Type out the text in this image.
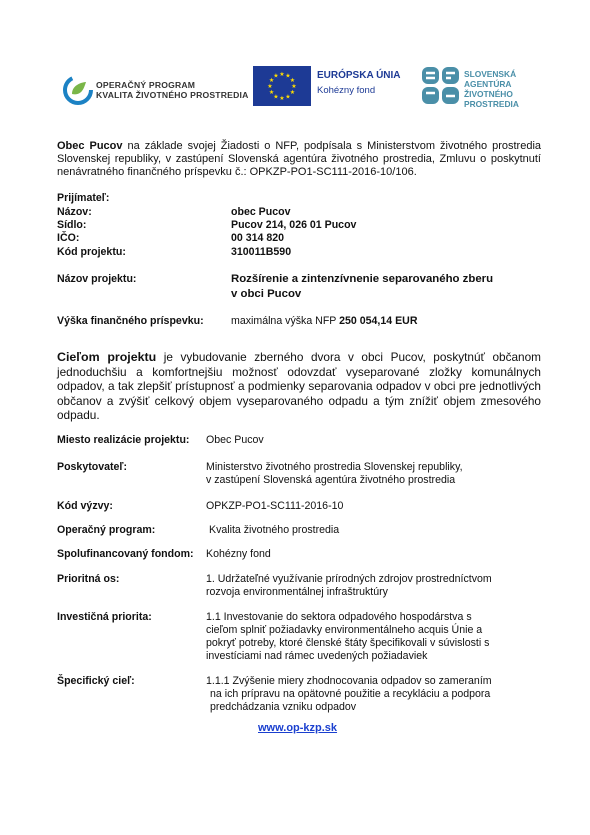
OPERAČNÝ PROGRAM
KVALITA ŽIVOTNÉHO PROSTREDIA
★ ★
★
★
★
★
★
★
★
★
★
★	EURÓPSKA ÚNIA
Kohézny fond
SLOVENSKÁ
AGENTÚRA
ŽIVOTNÉHO
PROSTREDIA
Obec Pucov na základe svojej Žiadosti o NFP, podpísala s Ministerstvom životného prostredia Slovenskej republiky, v zastúpení Slovenská agentúra životného prostredia, Zmluvu o poskytnutí nenávratného finančného príspevku č.: OPKZP-PO1-SC111-2016-10/106.
Prijímateľ:
Názov:	obec Pucov
Sídlo:	Pucov 214, 026 01 Pucov
IČO:	00 314 820
Kód projektu:	310011B590
Názov projektu:	Rozšírenie a zintenzívnenie separovaného zberu
v obci Pucov
Výška finančného príspevku:	maximálna výška NFP 250 054,14 EUR
Cieľom projektu je vybudovanie zberného dvora v obci Pucov, poskytnúť občanom jednoduchšiu a komfortnejšiu možnosť odovzdať vyseparované zložky komunálnych odpadov, a tak zlepšiť prístupnosť a podmienky separovania odpadov v obci pre jednotlivých občanov a zvýšiť celkový objem vyseparovaného odpadu a tým znížiť objem zmesového odpadu.
Miesto realizácie projektu: Obec Pucov
Poskytovateľ:	Ministerstvo životného prostredia Slovenskej republiky,
v zastúpení Slovenská agentúra životného prostredia
Kód výzvy:	OPKZP-PO1-SC111-2016-10
Operačný program:	Kvalita životného prostredia
Spolufinancovaný fondom: Kohézny fond
Prioritná os:	1. Udržateľné využívanie prírodných zdrojov prostredníctvom
rozvoja environmentálnej infraštruktúry
Investičná priorita:	1.1 Investovanie do sektora odpadového hospodárstva s
cieľom splniť požiadavky environmentálneho acquis Únie a
pokryť potreby, ktoré členské štáty špecifikovali v súvislosti s
investíciami nad rámec uvedených požiadaviek
Špecifický cieľ:	1.1.1 Zvýšenie miery zhodnocovania odpadov so zameraním
na ich prípravu na opätovné použitie a recykláciu a podpora
predchádzania vzniku odpadov
www.op-kzp.sk
